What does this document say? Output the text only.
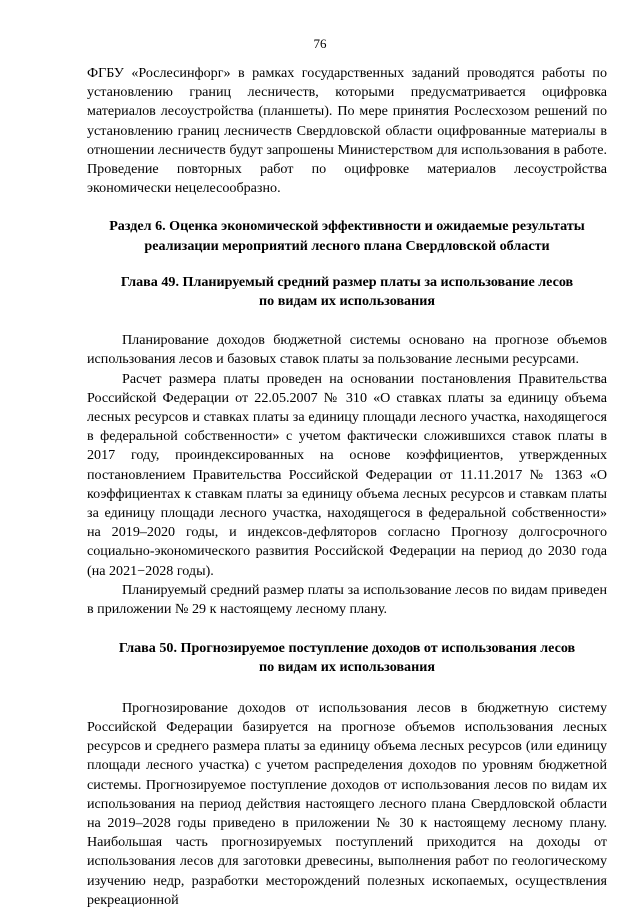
76

ФГБУ «Рослесинфорг» в рамках государственных заданий проводятся работы по установлению границ лесничеств, которыми предусматривается оцифровка материалов лесоустройства (планшеты). По мере принятия Рослесхозом решений по установлению границ лесничеств Свердловской области оцифрованные материалы в отношении лесничеств будут запрошены Министерством для использования в работе. Проведение повторных работ по оцифровке материалов лесоустройства экономически нецелесообразно.

Раздел 6. Оценка экономической эффективности и ожидаемые результаты

реализации мероприятий лесного плана Свердловской области

Глава 49. Планируемый средний размер платы за использование лесов

по видам их использования

Планирование доходов бюджетной системы основано на прогнозе объемов использования лесов и базовых ставок платы за пользование лесными ресурсами.

Расчет размера платы проведен на основании постановления Правительства Российской Федерации от 22.05.2007 № 310 «О ставках платы за единицу объема лесных ресурсов и ставках платы за единицу площади лесного участка, находящегося в федеральной собственности» с учетом фактически сложившихся ставок платы в 2017 году, проиндексированных на основе коэффициентов, утвержденных постановлением Правительства Российской Федерации от 11.11.2017 № 1363 «О коэффициентах к ставкам платы за единицу объема лесных ресурсов и ставкам платы за единицу площади лесного участка, находящегося в федеральной собственности» на 2019–2020 годы, и индексов-дефляторов согласно Прогнозу долгосрочного социально-экономического развития Российской Федерации на период до 2030 года (на 2021−2028 годы).

Планируемый средний размер платы за использование лесов по видам приведен в приложении № 29 к настоящему лесному плану.

Глава 50. Прогнозируемое поступление доходов от использования лесов

по видам их использования

Прогнозирование доходов от использования лесов в бюджетную систему Российской Федерации базируется на прогнозе объемов использования лесных ресурсов и среднего размера платы за единицу объема лесных ресурсов (или единицу площади лесного участка) с учетом распределения доходов по уровням бюджетной системы. Прогнозируемое поступление доходов от использования лесов по видам их использования на период действия настоящего лесного плана Свердловской области на 2019–2028 годы приведено в приложении № 30 к настоящему лесному плану. Наибольшая часть прогнозируемых поступлений приходится на доходы от использования лесов для заготовки древесины, выполнения работ по геологическому изучению недр, разработки месторождений полезных ископаемых, осуществления рекреационной
